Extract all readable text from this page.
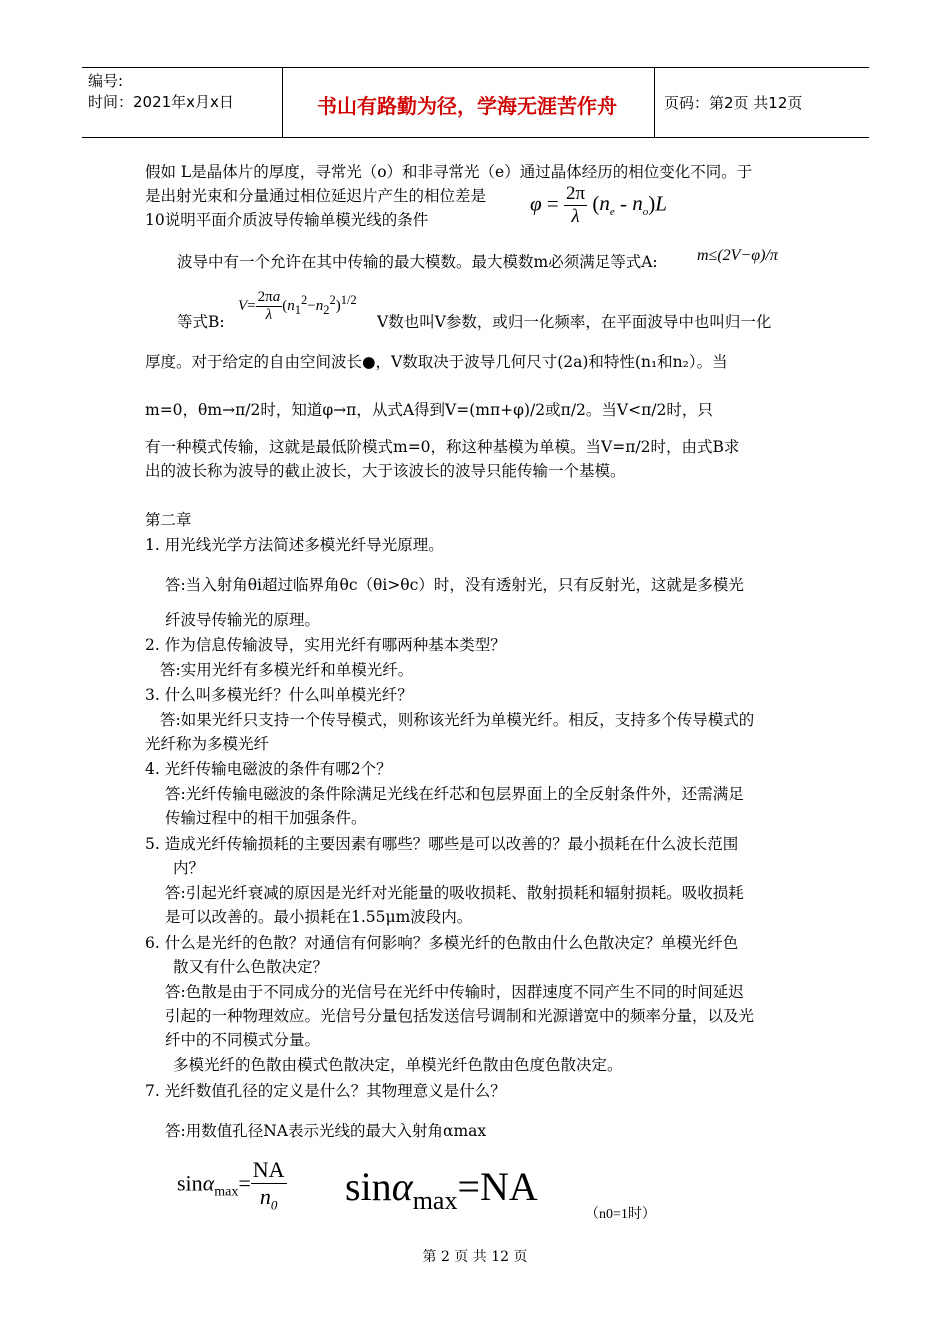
编号:
时间：2021年x月x日	书山有路勤为径，学海无涯苦作舟	页码：第2页 共12页
假如 L是晶体片的厚度，寻常光（o）和非寻常光（e）通过晶体经历的相位变化不同。于
是出射光束和分量通过相位延迟片产生的相位差是
10说明平面介质波导传输单模光线的条件
$\varphi = \frac{2\pi}{\lambda} (n_e - n_o)L$
波导中有一个允许在其中传输的最大模数。最大模数m必须满足等式A: m≤(2V−φ)/π
等式B:
$V= \frac{2\pi a}{\lambda} (n_1^2-n_2^2)^{1/2}$
V数也叫V参数，或归一化频率，在平面波导中也叫归一化
厚度。对于给定的自由空间波长●，V数取决于波导几何尺寸(2a)和特性(n₁和n₂）。当
m=0，θm→π/2时，知道φ→π，从式A得到V=(mπ+φ)/2或π/2。当V<π/2时，只
有一种模式传输，这就是最低阶模式m=0，称这种基模为单模。当V=π/2时，由式B求
出的波长称为波导的截止波长，大于该波长的波导只能传输一个基模。
第二章
1. 用光线光学方法简述多模光纤导光原理。
答:当入射角θi超过临界角θc（θi>θc）时，没有透射光，只有反射光，这就是多模光
纤波导传输光的原理。
2. 作为信息传输波导，实用光纤有哪两种基本类型？
答:实用光纤有多模光纤和单模光纤。
3. 什么叫多模光纤？什么叫单模光纤？
答:如果光纤只支持一个传导模式，则称该光纤为单模光纤。相反，支持多个传导模式的
光纤称为多模光纤
4. 光纤传输电磁波的条件有哪2个？
答:光纤传输电磁波的条件除满足光线在纤芯和包层界面上的全反射条件外，还需满足
传输过程中的相干加强条件。
5. 造成光纤传输损耗的主要因素有哪些？哪些是可以改善的？最小损耗在什么波长范围
内？
答:引起光纤衰减的原因是光纤对光能量的吸收损耗、散射损耗和辐射损耗。吸收损耗
是可以改善的。最小损耗在1.55μm波段内。
6. 什么是光纤的色散？对通信有何影响？多模光纤的色散由什么色散决定？单模光纤色
散又有什么色散决定？
答:色散是由于不同成分的光信号在光纤中传输时，因群速度不同产生不同的时间延迟
引起的一种物理效应。光信号分量包括发送信号调制和光源谱宽中的频率分量，以及光
纤中的不同模式分量。
多模光纤的色散由模式色散决定，单模光纤色散由色度色散决定。
7. 光纤数值孔径的定义是什么？其物理意义是什么？
答:用数值孔径NA表示光线的最大入射角αmax
$\sin\alpha_{max}= \frac{NA}{n_0} \sin\alpha_{max}=NA$
（n0=1时）
第 2 页 共 12 页
